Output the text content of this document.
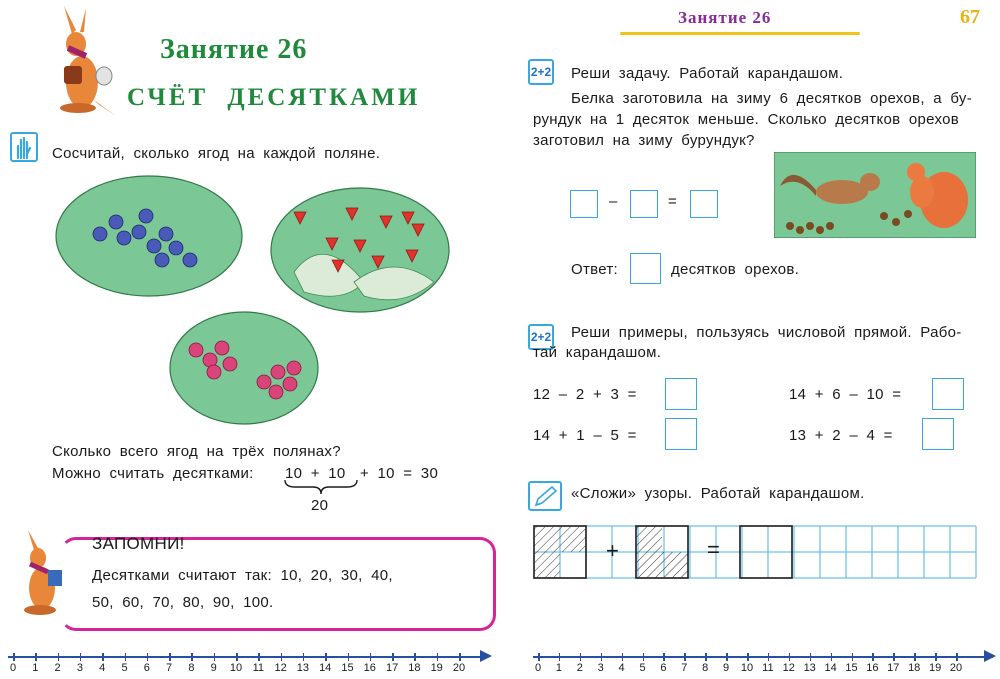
Занятие 26
СЧЁТ ДЕСЯТКАМИ
Сосчитай, сколько ягод на каждой поляне.
Сколько всего ягод на трёх полянах?
Можно считать десятками: 10 + 10 + 10 = 30
20
ЗАПОМНИ!
Десятками считают так: 10, 20, 30, 40,
50, 60, 70, 80, 90, 100.
Занятие 26	67
2+2 Реши задачу. Работай карандашом.
Белка заготовила на зиму 6 десятков орехов, а бу-
рундук на 1 десяток меньше. Сколько десятков орехов
заготовил на зиму бурундук?
–	=
Ответ:	десятков орехов.
2+2 Реши примеры, пользуясь числовой прямой. Рабо-
тай карандашом.
12 – 2 + 3 =
14 + 1 – 5 =
14 + 6 – 10 =
13 + 2 – 4 =
«Сложи» узоры. Работай карандашом.
+	=
0 1 2 3 4 5 6 7 8 9 10 11 12 13 14 15 16 17 18 19 20	0 1 2 3 4 5 6 7 8 9 10 11 12 13 14 15 16 17 18 19 20
